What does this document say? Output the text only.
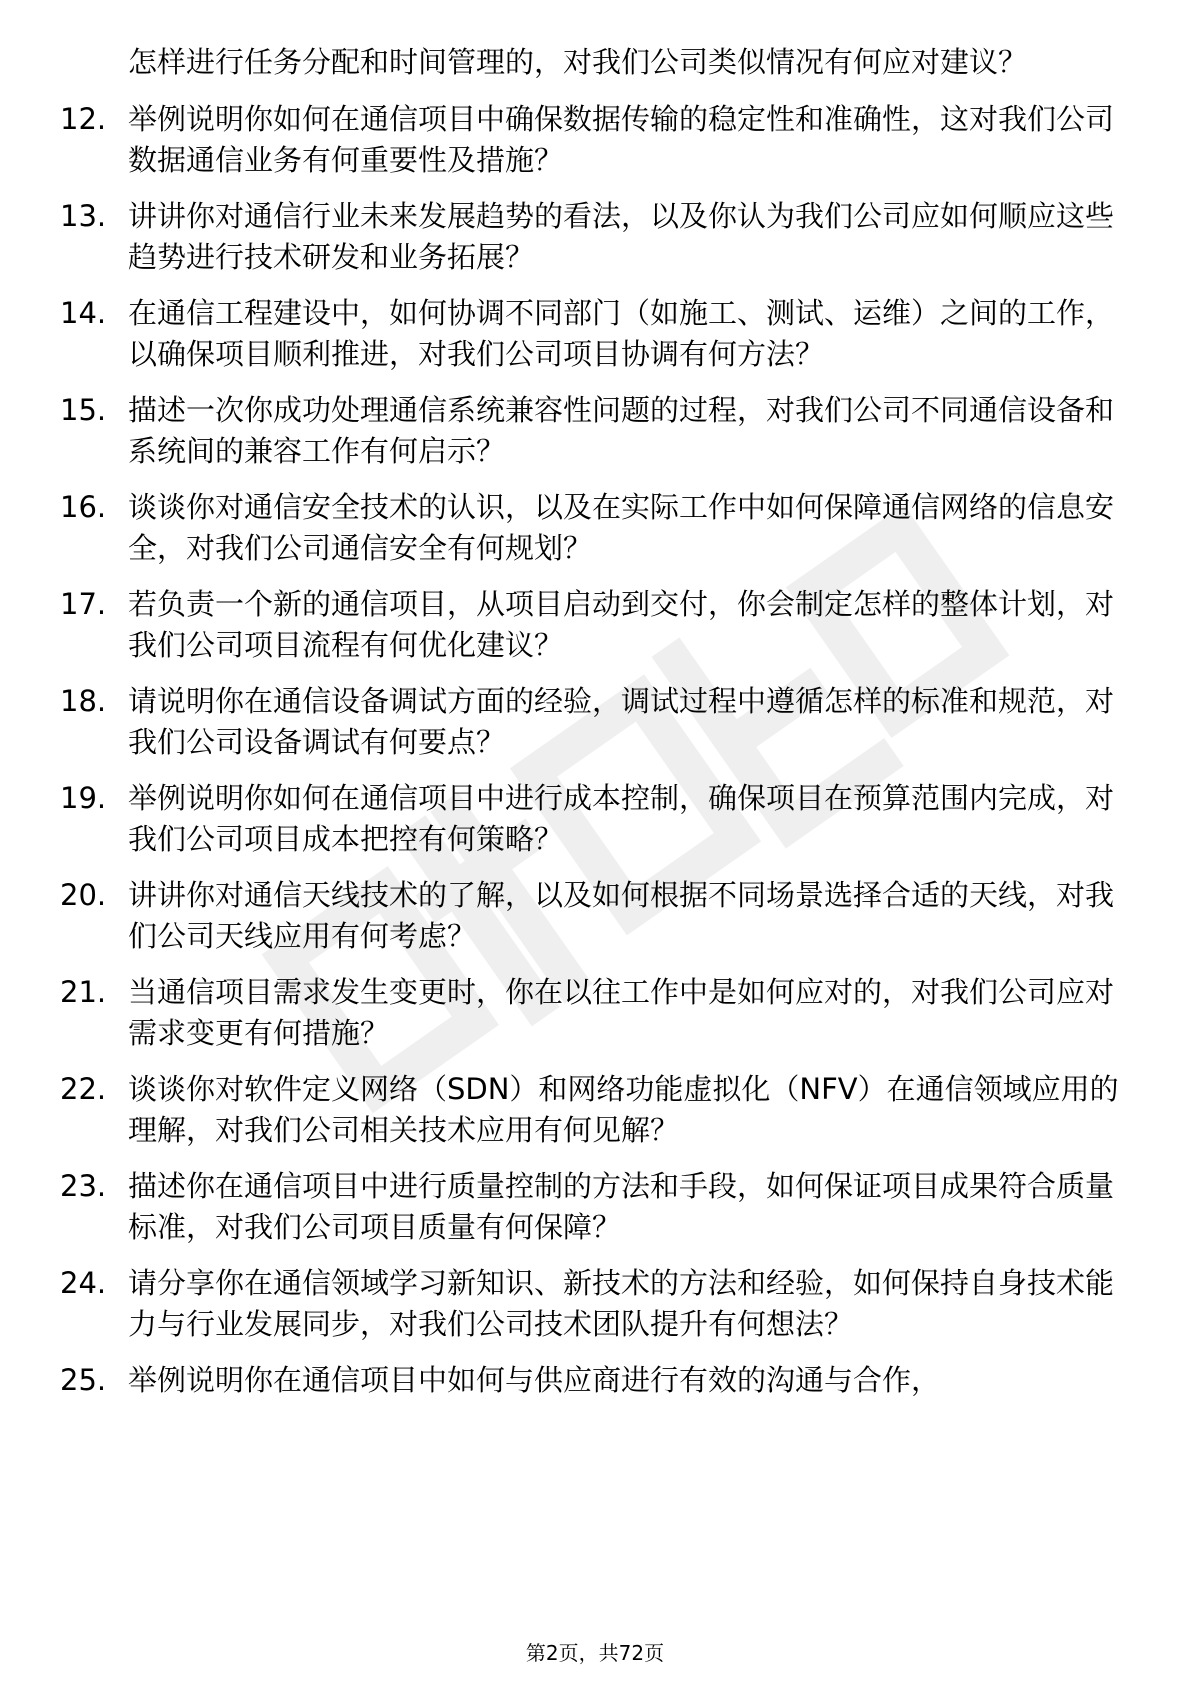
怎样进行任务分配和时间管理的，对我们公司类似情况有何应对建议？
12. 举例说明你如何在通信项目中确保数据传输的稳定性和准确性，这对我们公司数据通信业务有何重要性及措施？
13. 讲讲你对通信行业未来发展趋势的看法，以及你认为我们公司应如何顺应这些趋势进行技术研发和业务拓展？
14. 在通信工程建设中，如何协调不同部门（如施工、测试、运维）之间的工作，以确保项目顺利推进，对我们公司项目协调有何方法？
15. 描述一次你成功处理通信系统兼容性问题的过程，对我们公司不同通信设备和系统间的兼容工作有何启示？
16. 谈谈你对通信安全技术的认识，以及在实际工作中如何保障通信网络的信息安全，对我们公司通信安全有何规划？
17. 若负责一个新的通信项目，从项目启动到交付，你会制定怎样的整体计划，对我们公司项目流程有何优化建议？
18. 请说明你在通信设备调试方面的经验，调试过程中遵循怎样的标准和规范，对我们公司设备调试有何要点？
19. 举例说明你如何在通信项目中进行成本控制，确保项目在预算范围内完成，对我们公司项目成本把控有何策略？
20. 讲讲你对通信天线技术的了解，以及如何根据不同场景选择合适的天线，对我们公司天线应用有何考虑？
21. 当通信项目需求发生变更时，你在以往工作中是如何应对的，对我们公司应对需求变更有何措施？
22. 谈谈你对软件定义网络（SDN）和网络功能虚拟化（NFV）在通信领域应用的理解，对我们公司相关技术应用有何见解？
23. 描述你在通信项目中进行质量控制的方法和手段，如何保证项目成果符合质量标准，对我们公司项目质量有何保障？
24. 请分享你在通信领域学习新知识、新技术的方法和经验，如何保持自身技术能力与行业发展同步，对我们公司技术团队提升有何想法？
25. 举例说明你在通信项目中如何与供应商进行有效的沟通与合作，
第2页，共72页
